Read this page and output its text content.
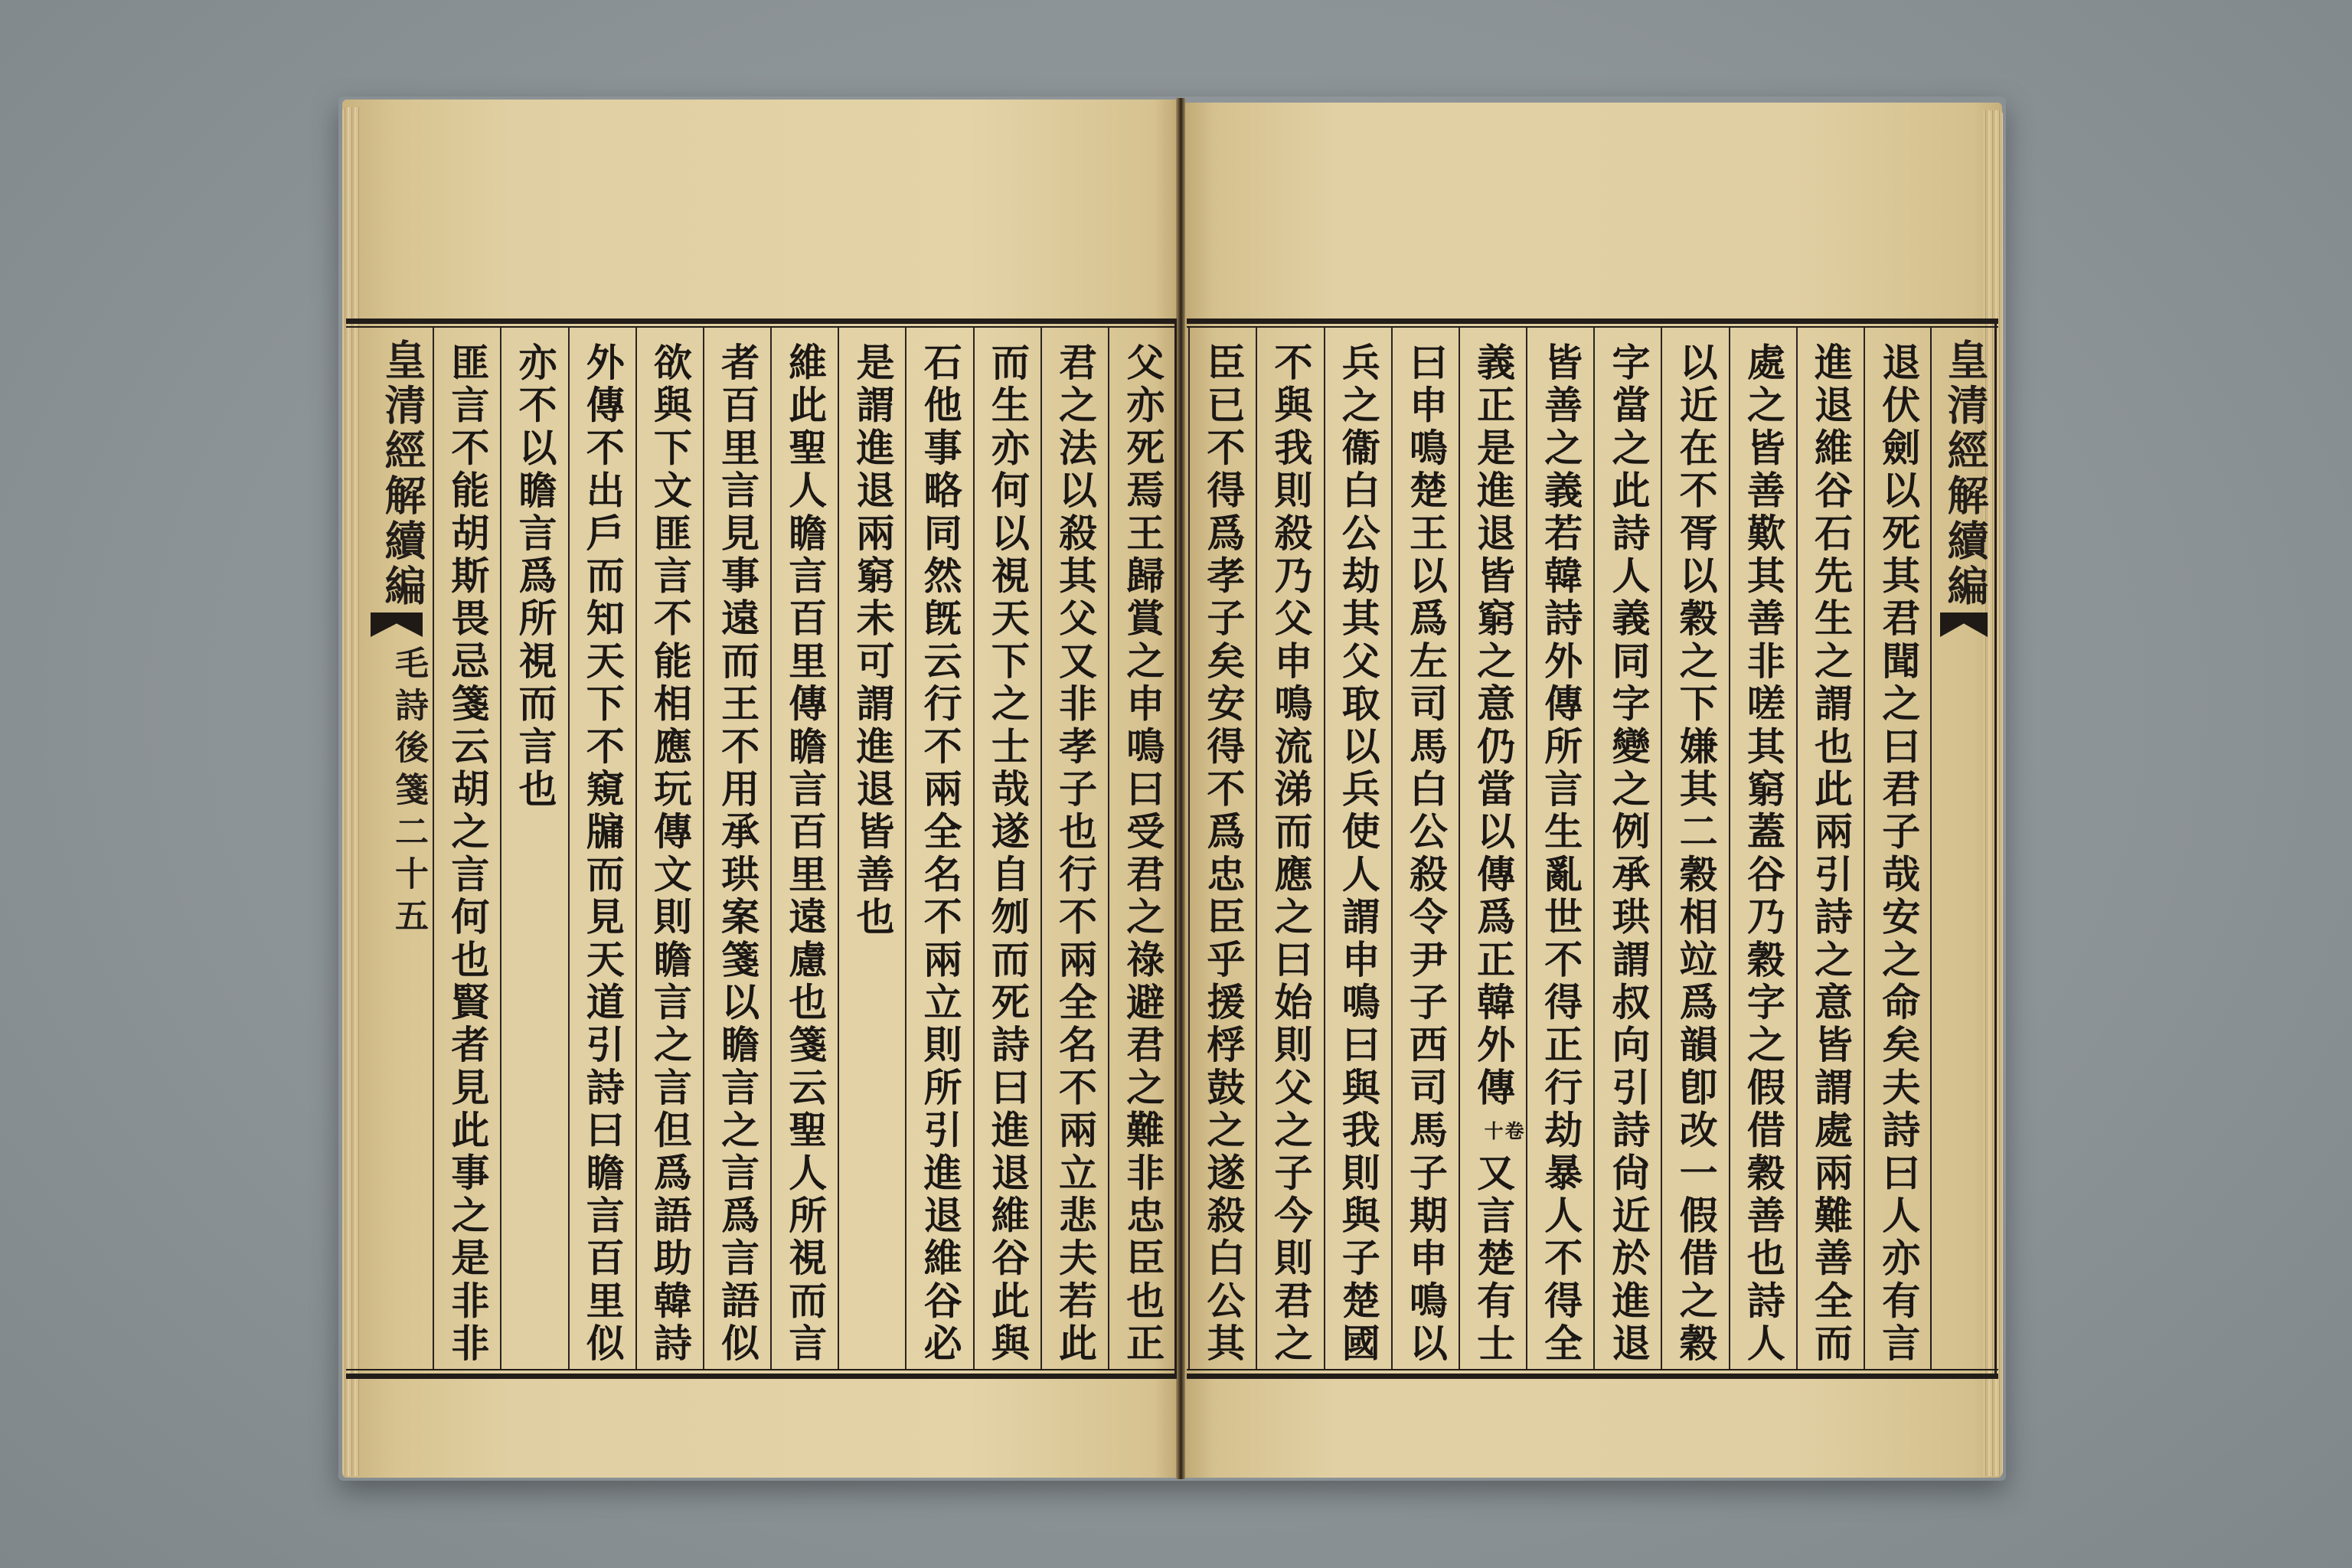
皇清經解續編
毛詩後箋二十五
皇清經解續編
退伏劍以死其君聞之曰君子哉安之命矣夫詩曰人亦有言
進退維谷石先生之謂也此兩引詩之意皆謂處兩難善全而
處之皆善歎其善非嗟其窮蓋谷乃穀字之假借穀善也詩人
以近在不胥以穀之下嫌其二穀相竝爲韻卽改一假借之穀
字當之此詩人義同字變之例承珙謂叔向引詩尙近於進退
皆善之義若韓詩外傳所言生亂世不得正行劫暴人不得全
義正是進退皆窮之意仍當以傳爲正韓外傳卷十又言楚有士
曰申鳴楚王以爲左司馬白公殺令尹子西司馬子期申鳴以
兵之衞白公劫其父取以兵使人謂申鳴曰與我則與子楚國
不與我則殺乃父申鳴流涕而應之曰始則父之子今則君之
臣已不得爲孝子矣安得不爲忠臣乎援桴鼓之遂殺白公其
父亦死焉王歸賞之申鳴曰受君之祿避君之難非忠臣也正
君之法以殺其父又非孝子也行不兩全名不兩立悲夫若此
而生亦何以視天下之士哉遂自刎而死詩曰進退維谷此與
石他事略同然旣云行不兩全名不兩立則所引進退維谷必
是謂進退兩窮未可謂進退皆善也
維此聖人瞻言百里傳瞻言百里遠慮也箋云聖人所視而言
者百里言見事遠而王不用承珙案箋以瞻言之言爲言語似
欲與下文匪言不能相應玩傳文則瞻言之言但爲語助韓詩
外傳不出戶而知天下不窺牖而見天道引詩曰瞻言百里似
亦不以瞻言爲所視而言也
匪言不能胡斯畏忌箋云胡之言何也賢者見此事之是非非
